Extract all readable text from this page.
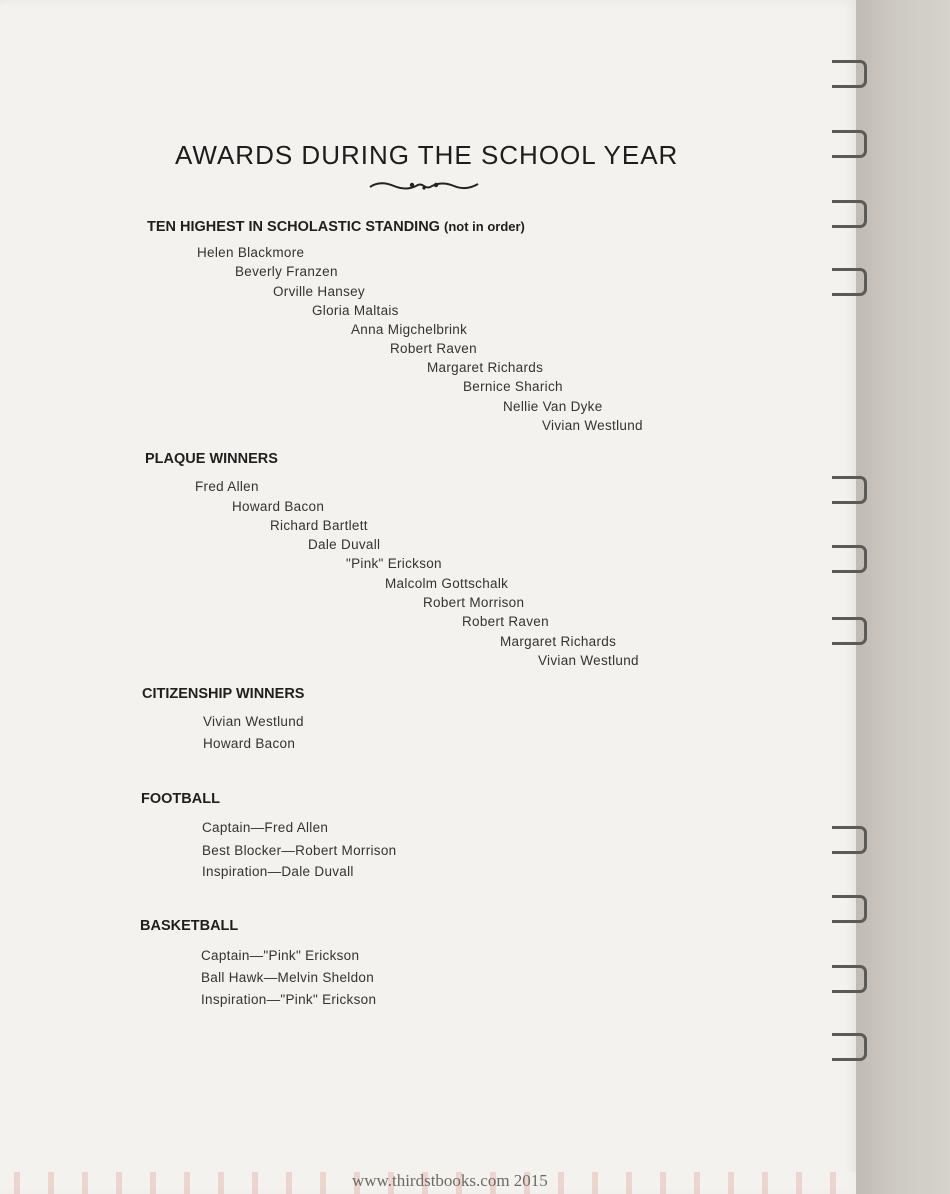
AWARDS DURING THE SCHOOL YEAR
TEN HIGHEST IN SCHOLASTIC STANDING (not in order)
Helen Blackmore
Beverly Franzen
Orville Hansey
Gloria Maltais
Anna Migchelbrink
Robert Raven
Margaret Richards
Bernice Sharich
Nellie Van Dyke
Vivian Westlund
PLAQUE WINNERS
Fred Allen
Howard Bacon
Richard Bartlett
Dale Duvall
"Pink" Erickson
Malcolm Gottschalk
Robert Morrison
Robert Raven
Margaret Richards
Vivian Westlund
CITIZENSHIP WINNERS
Vivian Westlund
Howard Bacon
FOOTBALL
Captain—Fred Allen
Best Blocker—Robert Morrison
Inspiration—Dale Duvall
BASKETBALL
Captain—"Pink" Erickson
Ball Hawk—Melvin Sheldon
Inspiration—"Pink" Erickson
www.thirdstbooks.com 2015
